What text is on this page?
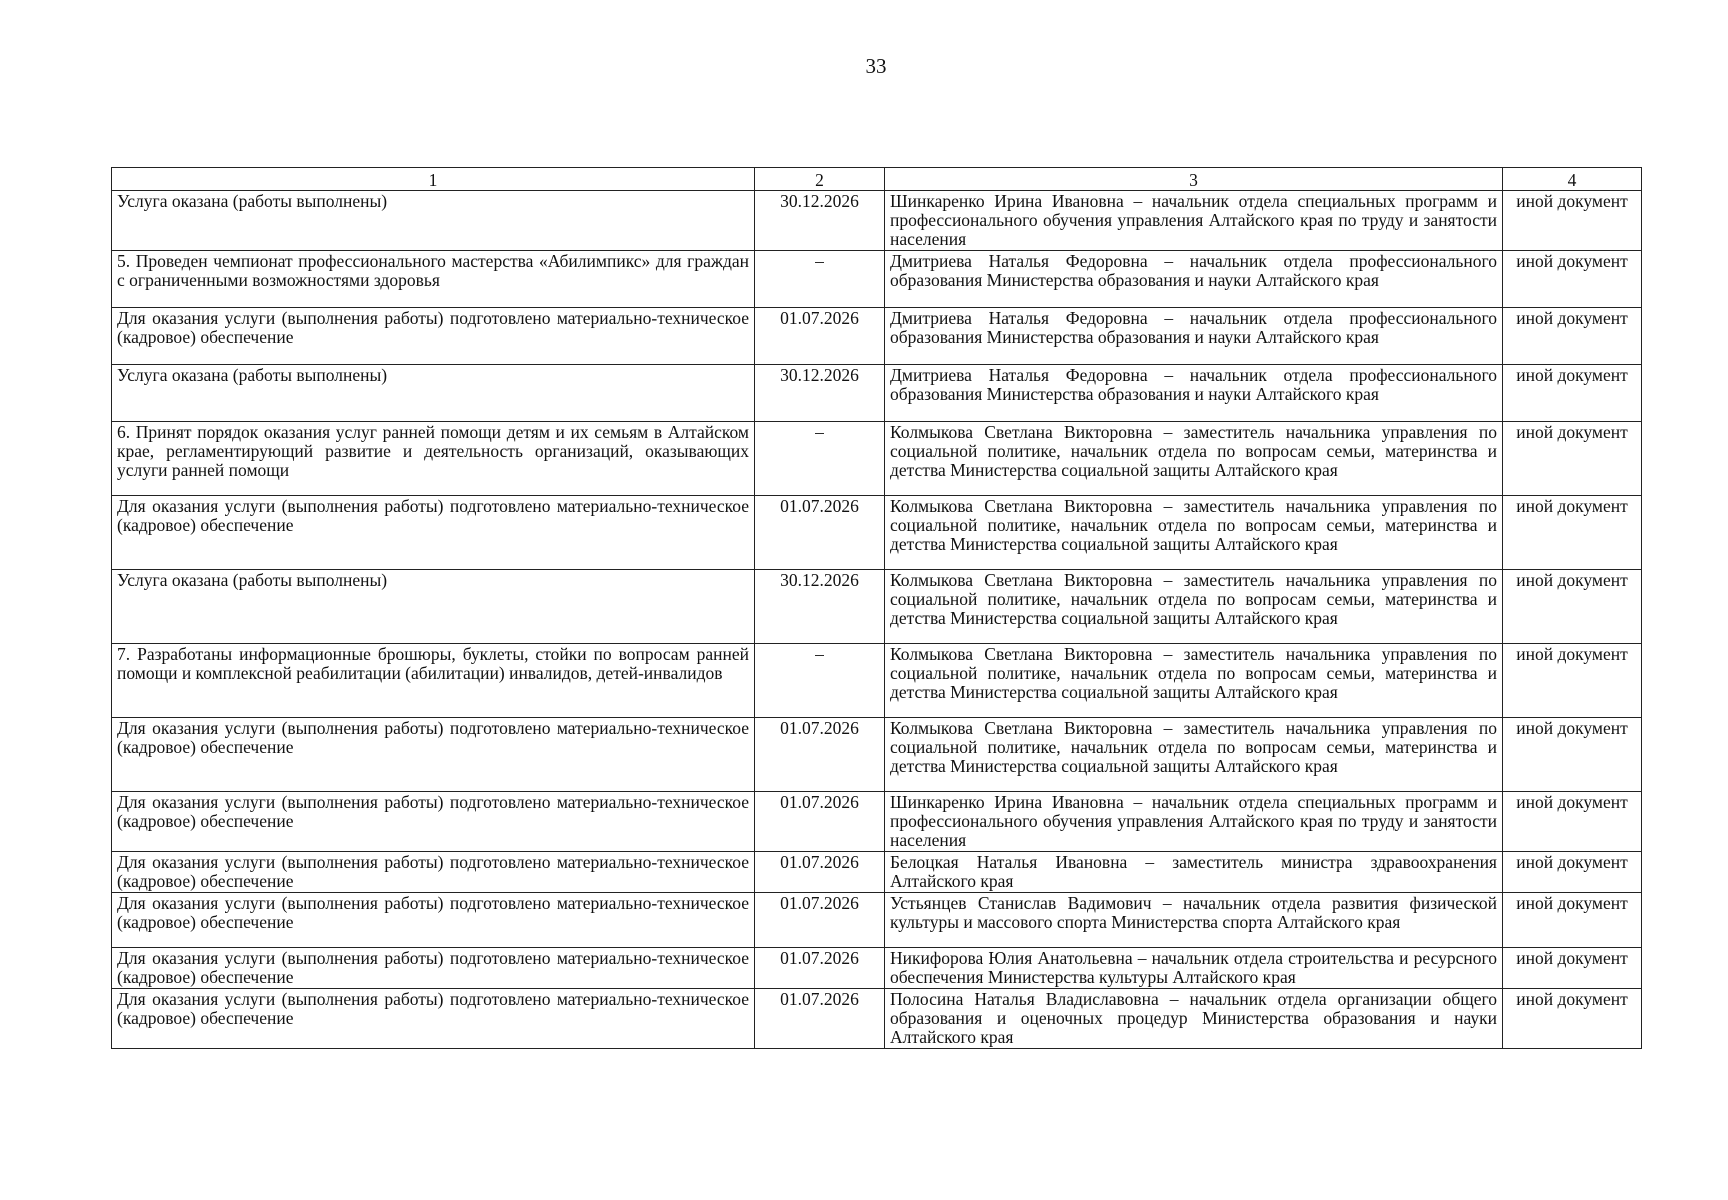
33
1	2	3	4
Услуга оказана (работы выполнены)	30.12.2026	Шинкаренко Ирина Ивановна – начальник отдела специальных программ и профессионального обучения управления Алтайского края по труду и занятости населения	иной документ
5. Проведен чемпионат профессионального мастерства «Абилимпикс» для граждан с ограниченными возможностями здоровья	–	Дмитриева Наталья Федоровна – начальник отдела профессионального образования Министерства образования и науки Алтайского края	иной документ
Для оказания услуги (выполнения работы) подготовлено материально-техническое (кадровое) обеспечение	01.07.2026	Дмитриева Наталья Федоровна – начальник отдела профессионального образования Министерства образования и науки Алтайского края	иной документ
Услуга оказана (работы выполнены)	30.12.2026	Дмитриева Наталья Федоровна – начальник отдела профессионального образования Министерства образования и науки Алтайского края	иной документ
6. Принят порядок оказания услуг ранней помощи детям и их семьям в Алтайском крае, регламентирующий развитие и деятельность организаций, оказывающих услуги ранней помощи	–	Колмыкова Светлана Викторовна – заместитель начальника управления по социальной политике, начальник отдела по вопросам семьи, материнства и детства Министерства социальной защиты Алтайского края	иной документ
Для оказания услуги (выполнения работы) подготовлено материально-техническое (кадровое) обеспечение	01.07.2026	Колмыкова Светлана Викторовна – заместитель начальника управления по социальной политике, начальник отдела по вопросам семьи, материнства и детства Министерства социальной защиты Алтайского края	иной документ
Услуга оказана (работы выполнены)	30.12.2026	Колмыкова Светлана Викторовна – заместитель начальника управления по социальной политике, начальник отдела по вопросам семьи, материнства и детства Министерства социальной защиты Алтайского края	иной документ
7. Разработаны информационные брошюры, буклеты, стойки по вопросам ранней помощи и комплексной реабилитации (абилитации) инвалидов, детей-инвалидов	–	Колмыкова Светлана Викторовна – заместитель начальника управления по социальной политике, начальник отдела по вопросам семьи, материнства и детства Министерства социальной защиты Алтайского края	иной документ
Для оказания услуги (выполнения работы) подготовлено материально-техническое (кадровое) обеспечение	01.07.2026	Колмыкова Светлана Викторовна – заместитель начальника управления по социальной политике, начальник отдела по вопросам семьи, материнства и детства Министерства социальной защиты Алтайского края	иной документ
Для оказания услуги (выполнения работы) подготовлено материально-техническое (кадровое) обеспечение	01.07.2026	Шинкаренко Ирина Ивановна – начальник отдела специальных программ и профессионального обучения управления Алтайского края по труду и занятости населения	иной документ
Для оказания услуги (выполнения работы) подготовлено материально-техническое (кадровое) обеспечение	01.07.2026	Белоцкая Наталья Ивановна – заместитель министра здравоохранения Алтайского края	иной документ
Для оказания услуги (выполнения работы) подготовлено материально-техническое (кадровое) обеспечение	01.07.2026	Устьянцев Станислав Вадимович – начальник отдела развития физической культуры и массового спорта Министерства спорта Алтайского края	иной документ
Для оказания услуги (выполнения работы) подготовлено материально-техническое (кадровое) обеспечение	01.07.2026	Никифорова Юлия Анатольевна – начальник отдела строительства и ресурсного обеспечения Министерства культуры Алтайского края	иной документ
Для оказания услуги (выполнения работы) подготовлено материально-техническое (кадровое) обеспечение	01.07.2026	Полосина Наталья Владиславовна – начальник отдела организации общего образования и оценочных процедур Министерства образования и науки Алтайского края	иной документ
